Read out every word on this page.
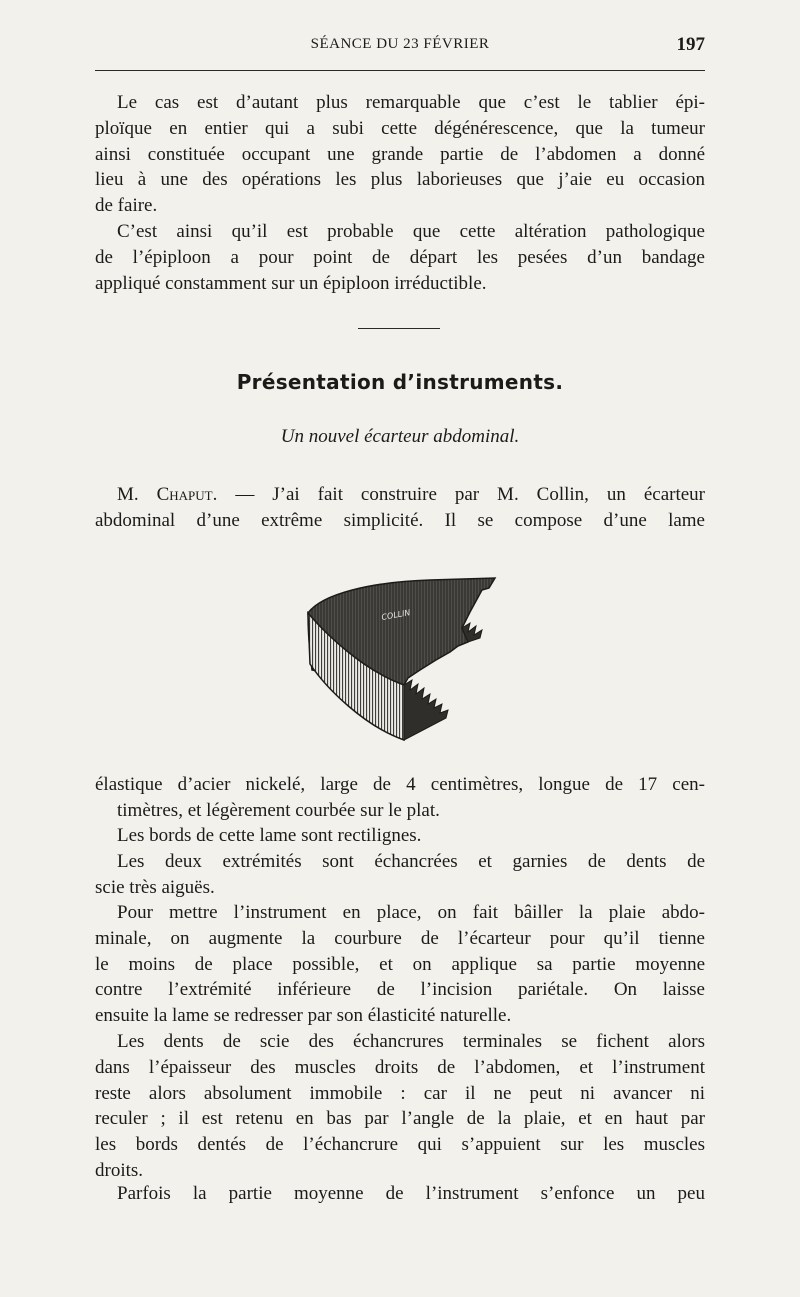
SÉANCE DU 23 FÉVRIER	197
Le cas est d’autant plus remarquable que c’est le tablier épi-
ploïque en entier qui a subi cette dégénérescence, que la tumeur
ainsi constituée occupant une grande partie de l’abdomen a donné
lieu à une des opérations les plus laborieuses que j’aie eu occasion
de faire.
C’est ainsi qu’il est probable que cette altération pathologique
de l’épiploon a pour point de départ les pesées d’un bandage
appliqué constamment sur un épiploon irréductible.
Présentation d’instruments.
Un nouvel écarteur abdominal.
M. Chaput. — J’ai fait construire par M. Collin, un écarteur
abdominal d’une extrême simplicité. Il se compose d’une lame
COLLIN
élastique d’acier nickelé, large de 4 centimètres, longue de 17 cen-
timètres, et légèrement courbée sur le plat.
Les bords de cette lame sont rectilignes.
Les deux extrémités sont échancrées et garnies de dents de
scie très aiguës.
Pour mettre l’instrument en place, on fait bâiller la plaie abdo-
minale, on augmente la courbure de l’écarteur pour qu’il tienne
le moins de place possible, et on applique sa partie moyenne
contre l’extrémité inférieure de l’incision pariétale. On laisse
ensuite la lame se redresser par son élasticité naturelle.
Les dents de scie des échancrures terminales se fichent alors
dans l’épaisseur des muscles droits de l’abdomen, et l’instrument
reste alors absolument immobile : car il ne peut ni avancer ni
reculer ; il est retenu en bas par l’angle de la plaie, et en haut par
les bords dentés de l’échancrure qui s’appuient sur les muscles
droits.
Parfois la partie moyenne de l’instrument s’enfonce un peu
